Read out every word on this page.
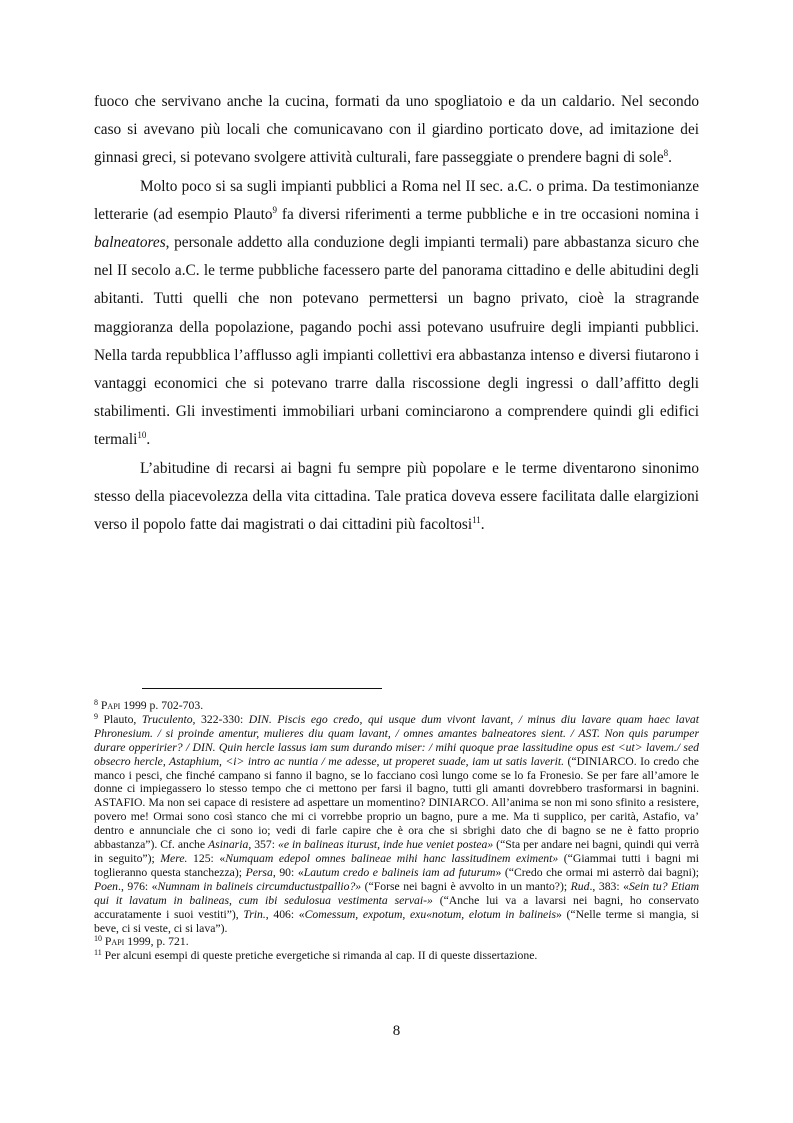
fuoco che servivano anche la cucina, formati da uno spogliatoio e da un caldario. Nel secondo caso si avevano più locali che comunicavano con il giardino porticato dove, ad imitazione dei ginnasi greci, si potevano svolgere attività culturali, fare passeggiate o prendere bagni di sole$^8$.

Molto poco si sa sugli impianti pubblici a Roma nel II sec. a.C. o prima. Da testimonianze letterarie (ad esempio Plauto$^9$ fa diversi riferimenti a terme pubbliche e in tre occasioni nomina i balneatores, personale addetto alla conduzione degli impianti termali) pare abbastanza sicuro che nel II secolo a.C. le terme pubbliche facessero parte del panorama cittadino e delle abitudini degli abitanti. Tutti quelli che non potevano permettersi un bagno privato, cioè la stragrande maggioranza della popolazione, pagando pochi assi potevano usufruire degli impianti pubblici. Nella tarda repubblica l’afflusso agli impianti collettivi era abbastanza intenso e diversi fiutarono i vantaggi economici che si potevano trarre dalla riscossione degli ingressi o dall’affitto degli stabilimenti. Gli investimenti immobiliari urbani cominciarono a comprendere quindi gli edifici termali$^{10}$.

L’abitudine di recarsi ai bagni fu sempre più popolare e le terme diventarono sinonimo stesso della piacevolezza della vita cittadina. Tale pratica doveva essere facilitata dalle elargizioni verso il popolo fatte dai magistrati o dai cittadini più facoltosi$^{11}$.

$^8$ Papi 1999 p. 702-703.

$^9$ Plauto, Truculento, 322-330: DIN. Piscis ego credo, qui usque dum vivont lavant, / minus diu lavare quam haec lavat Phronesium. / si proinde amentur, mulieres diu quam lavant, / omnes amantes balneatores sient. / AST. Non quis parumper durare opperirier? / DIN. Quin hercle lassus iam sum durando miser: / mihi quoque prae lassitudine opus est <ut> lavem./ sed obsecro hercle, Astaphium, <i> intro ac nuntia / me adesse, ut properet suade, iam ut satis laverit. (“DINIARCO. Io credo che manco i pesci, che finché campano si fanno il bagno, se lo facciano così lungo come se lo fa Fronesio. Se per fare all’amore le donne ci impiegassero lo stesso tempo che ci mettono per farsi il bagno, tutti gli amanti dovrebbero trasformarsi in bagnini. ASTAFIO. Ma non sei capace di resistere ad aspettare un momentino? DINIARCO. All’anima se non mi sono sfinito a resistere, povero me! Ormai sono così stanco che mi ci vorrebbe proprio un bagno, pure a me. Ma ti supplico, per carità, Astafio, va’ dentro e annunciale che ci sono io; vedi di farle capire che è ora che si sbrighi dato che di bagno se ne è fatto proprio abbastanza”). Cf. anche Asinaria, 357: «e in balineas iturust, inde hue veniet postea» (“Sta per andare nei bagni, quindi qui verrà in seguito”); Mere. 125: «Numquam edepol omnes balineae mihi hanc lassitudinem eximent» (“Giammai tutti i bagni mi toglieranno questa stanchezza); Persa, 90: «Lautum credo e balineis iam ad futurum» (“Credo che ormai mi asterrò dai bagni); Poen., 976: «Numnam in balineis circumductustpallio?» (“Forse nei bagni è avvolto in un manto?); Rud., 383: «Sein tu? Etiam qui it lavatum in balineas, cum ibi sedulosua vestimenta servai-» (“Anche lui va a lavarsi nei bagni, ho conservato accuratamente i suoi vestiti”), Trin., 406: «Comessum, expotum, exu«notum, elotum in balineis» (“Nelle terme si mangia, si beve, ci si veste, ci si lava”).

$^{10}$ Papi 1999, p. 721.

$^{11}$ Per alcuni esempi di queste pretiche evergetiche si rimanda al cap. II di queste dissertazione.

8
